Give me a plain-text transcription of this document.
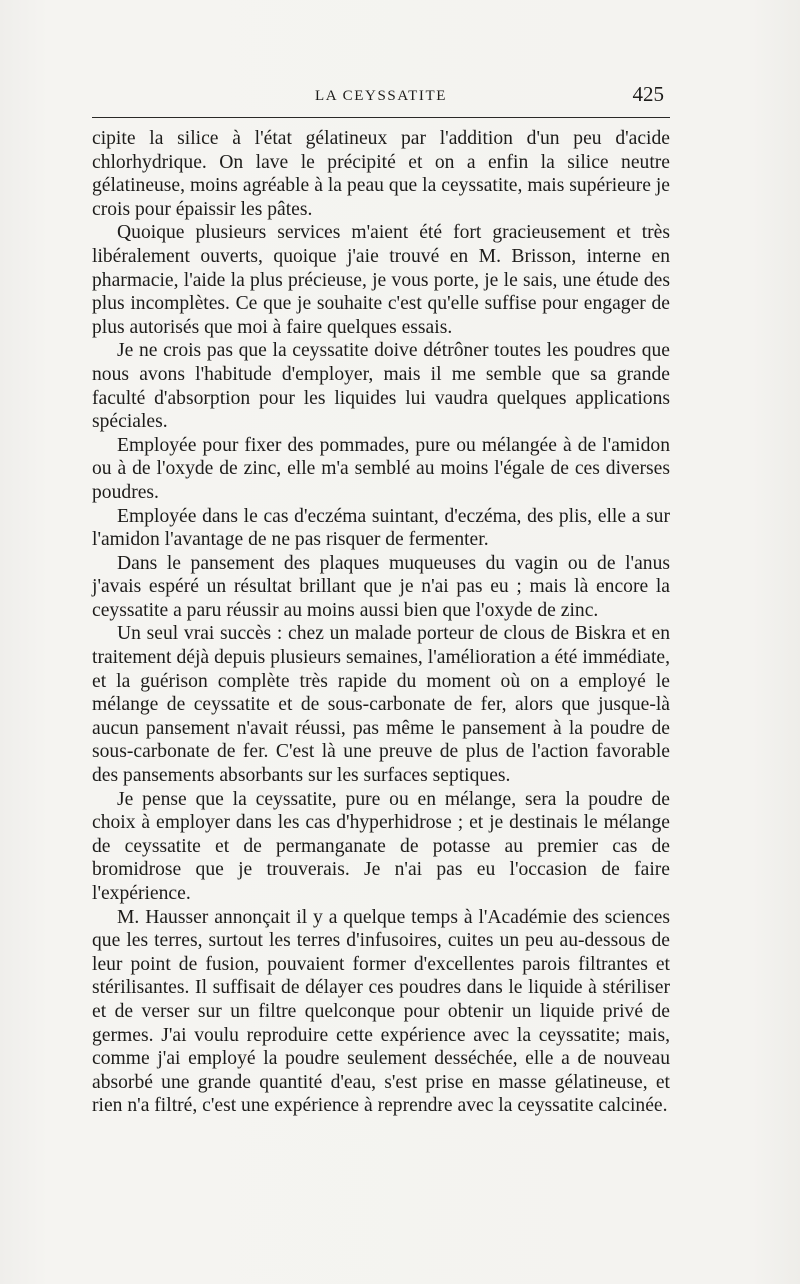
LA CEYSSATITE	425

cipite la silice à l'état gélatineux par l'addition d'un peu d'acide chlorhydrique. On lave le précipité et on a enfin la silice neutre gélatineuse, moins agréable à la peau que la ceyssatite, mais supérieure je crois pour épaissir les pâtes.

Quoique plusieurs services m'aient été fort gracieusement et très libéralement ouverts, quoique j'aie trouvé en M. Brisson, interne en pharmacie, l'aide la plus précieuse, je vous porte, je le sais, une étude des plus incomplètes. Ce que je souhaite c'est qu'elle suffise pour engager de plus autorisés que moi à faire quelques essais.

Je ne crois pas que la ceyssatite doive détrôner toutes les poudres que nous avons l'habitude d'employer, mais il me semble que sa grande faculté d'absorption pour les liquides lui vaudra quelques applications spéciales.

Employée pour fixer des pommades, pure ou mélangée à de l'amidon ou à de l'oxyde de zinc, elle m'a semblé au moins l'égale de ces diverses poudres.

Employée dans le cas d'eczéma suintant, d'eczéma, des plis, elle a sur l'amidon l'avantage de ne pas risquer de fermenter.

Dans le pansement des plaques muqueuses du vagin ou de l'anus j'avais espéré un résultat brillant que je n'ai pas eu ; mais là encore la ceyssatite a paru réussir au moins aussi bien que l'oxyde de zinc.

Un seul vrai succès : chez un malade porteur de clous de Biskra et en traitement déjà depuis plusieurs semaines, l'amélioration a été immédiate, et la guérison complète très rapide du moment où on a employé le mélange de ceyssatite et de sous-carbonate de fer, alors que jusque-là aucun pansement n'avait réussi, pas même le pansement à la poudre de sous-carbonate de fer. C'est là une preuve de plus de l'action favorable des pansements absorbants sur les surfaces septiques.

Je pense que la ceyssatite, pure ou en mélange, sera la poudre de choix à employer dans les cas d'hyperhidrose ; et je destinais le mélange de ceyssatite et de permanganate de potasse au premier cas de bromidrose que je trouverais. Je n'ai pas eu l'occasion de faire l'expérience.

M. Hausser annonçait il y a quelque temps à l'Académie des sciences que les terres, surtout les terres d'infusoires, cuites un peu au-dessous de leur point de fusion, pouvaient former d'excellentes parois filtrantes et stérilisantes. Il suffisait de délayer ces poudres dans le liquide à stériliser et de verser sur un filtre quelconque pour obtenir un liquide privé de germes. J'ai voulu reproduire cette expérience avec la ceyssatite; mais, comme j'ai employé la poudre seulement desséchée, elle a de nouveau absorbé une grande quantité d'eau, s'est prise en masse gélatineuse, et rien n'a filtré, c'est une expérience à reprendre avec la ceyssatite calcinée.
